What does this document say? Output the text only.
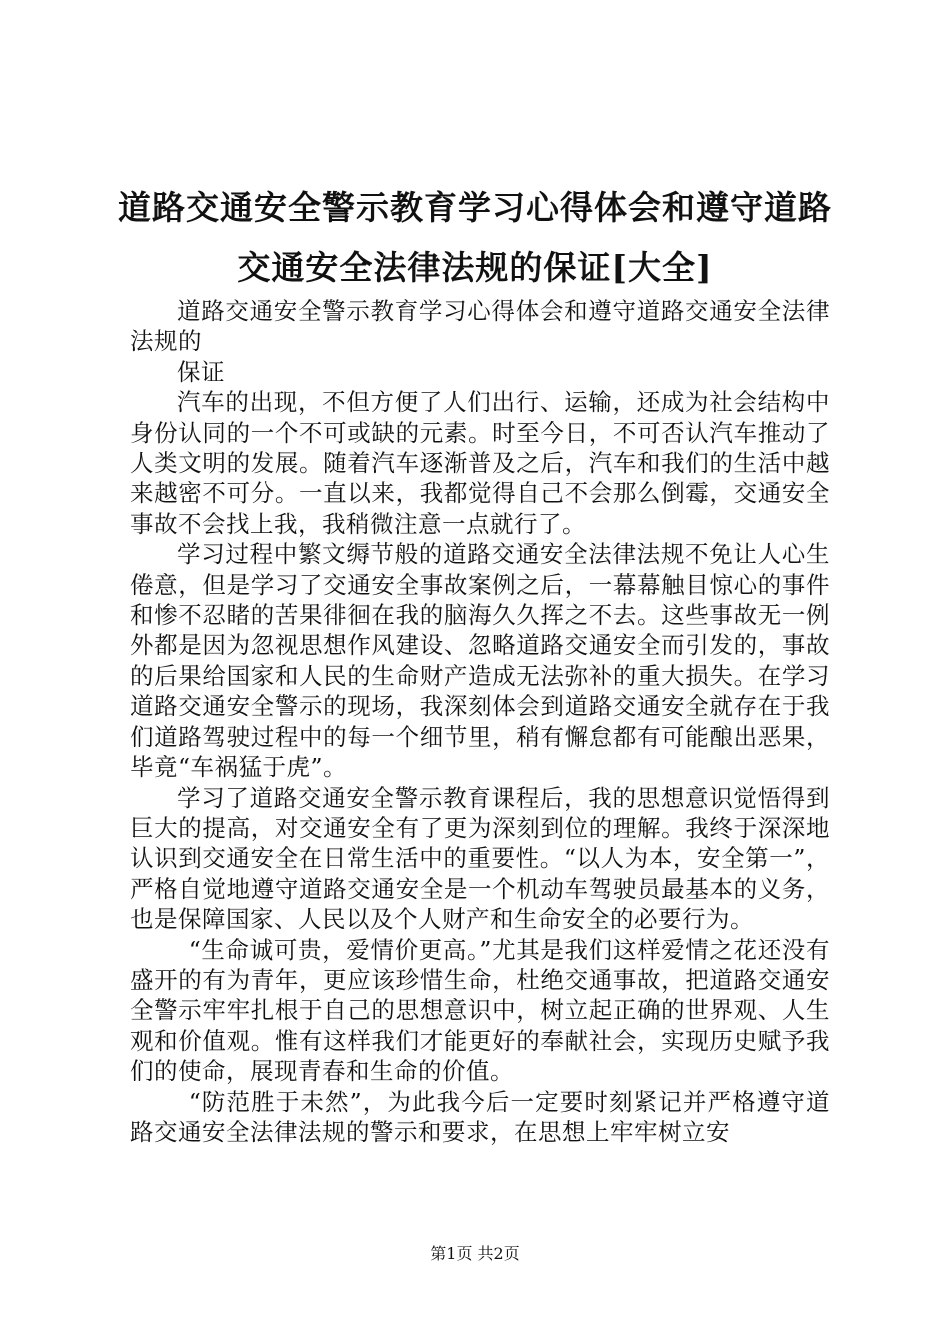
道路交通安全警示教育学习心得体会和遵守道路交通安全法律法规的保证[大全]

道路交通安全警示教育学习心得体会和遵守道路交通安全法律法规的

保证

汽车的出现，不但方便了人们出行、运输，还成为社会结构中身份认同的一个不可或缺的元素。时至今日，不可否认汽车推动了人类文明的发展。随着汽车逐渐普及之后，汽车和我们的生活中越来越密不可分。一直以来，我都觉得自己不会那么倒霉，交通安全事故不会找上我，我稍微注意一点就行了。

学习过程中繁文缛节般的道路交通安全法律法规不免让人心生倦意，但是学习了交通安全事故案例之后，一幕幕触目惊心的事件和惨不忍睹的苦果徘徊在我的脑海久久挥之不去。这些事故无一例外都是因为忽视思想作风建设、忽略道路交通安全而引发的，事故的后果给国家和人民的生命财产造成无法弥补的重大损失。在学习道路交通安全警示的现场，我深刻体会到道路交通安全就存在于我们道路驾驶过程中的每一个细节里，稍有懈怠都有可能酿出恶果，毕竟“车祸猛于虎”。

学习了道路交通安全警示教育课程后，我的思想意识觉悟得到巨大的提高，对交通安全有了更为深刻到位的理解。我终于深深地认识到交通安全在日常生活中的重要性。“以人为本，安全第一”，严格自觉地遵守道路交通安全是一个机动车驾驶员最基本的义务，也是保障国家、人民以及个人财产和生命安全的必要行为。

“生命诚可贵，爱情价更高。”尤其是我们这样爱情之花还没有盛开的有为青年，更应该珍惜生命，杜绝交通事故，把道路交通安全警示牢牢扎根于自己的思想意识中，树立起正确的世界观、人生观和价值观。惟有这样我们才能更好的奉献社会，实现历史赋予我们的使命，展现青春和生命的价值。

“防范胜于未然”，为此我今后一定要时刻紧记并严格遵守道路交通安全法律法规的警示和要求，在思想上牢牢树立安

第1页 共2页
